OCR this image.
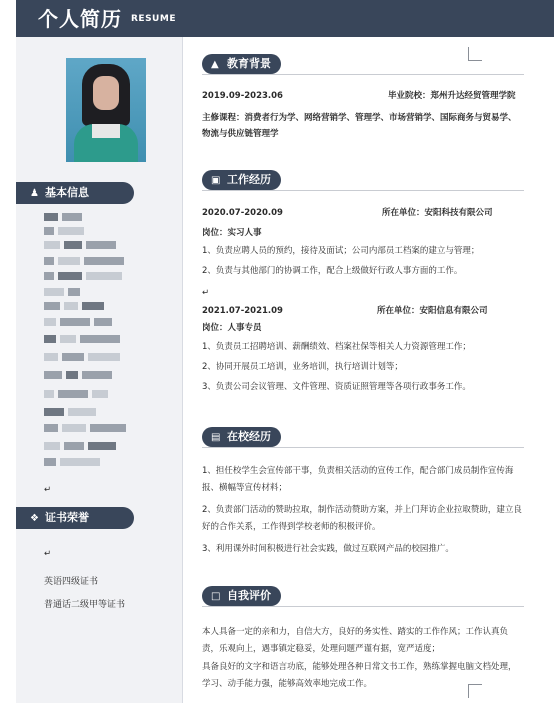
个人简历 RESUME
♟ 基本信息
↵
❖ 证书荣誉
↵
英语四级证书
普通话二级甲等证书
▲ 教育背景
2019.09-2023.06	毕业院校：郑州升达经贸管理学院
主修课程：消费者行为学、网络营销学、管理学、市场营销学、国际商务与贸易学、物流与供应链管理学
▣ 工作经历
2020.07-2020.09	所在单位：安阳科技有限公司
岗位：实习人事
1、负责应聘人员的预约，接待及面试；公司内部员工档案的建立与管理；
2、负责与其他部门的协调工作，配合上级做好行政人事方面的工作。
↵
2021.07-2021.09	所在单位：安阳信息有限公司
岗位：人事专员
1、负责员工招聘培训、薪酬绩效、档案社保等相关人力资源管理工作；
2、协同开展员工培训，业务培训，执行培训计划等；
3、负责公司会议管理、文件管理、资质证照管理等各项行政事务工作。
▤ 在校经历
1、担任校学生会宣传部干事，负责相关活动的宣传工作，配合部门成员制作宣传海报、横幅等宣传材料；
2、负责部门活动的赞助拉取，制作活动赞助方案，并上门拜访企业拉取赞助，建立良好的合作关系，工作得到学校老师的积极评价。
3、利用课外时间积极进行社会实践，做过互联网产品的校园推广。
□ 自我评价
本人具备一定的亲和力，自信大方，良好的务实性、踏实的工作作风；工作认真负责，乐观向上，遇事镇定稳妥，处理问题严谨有据，宽严适度；
具备良好的文字和语言功底，能够处理各种日常文书工作，熟练掌握电脑文档处理，学习、动手能力强，能够高效率地完成工作。
